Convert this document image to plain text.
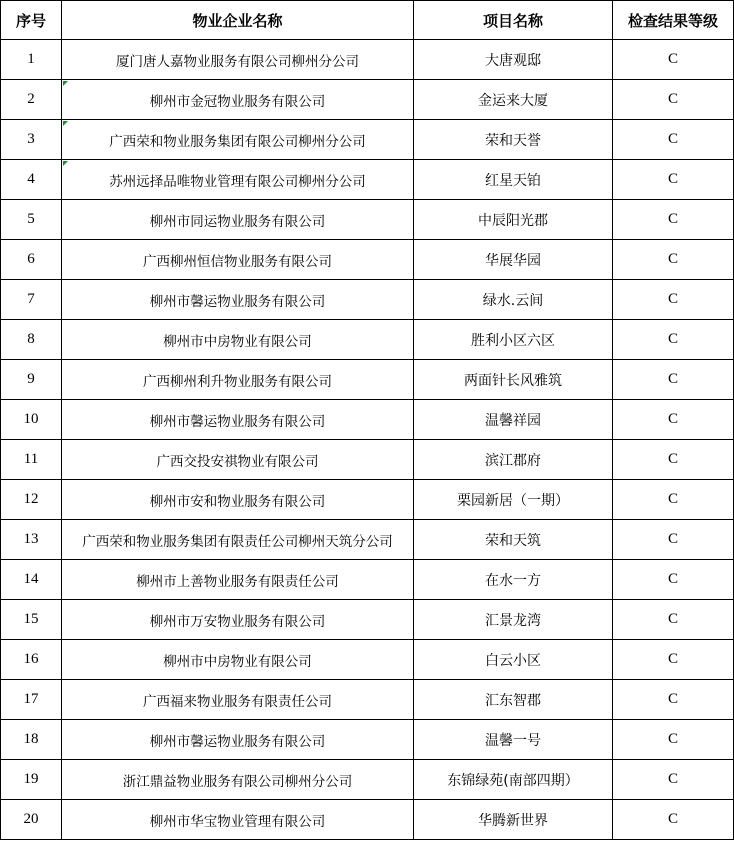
序号	物业企业名称	项目名称	检查结果等级
1	厦门唐人嘉物业服务有限公司柳州分公司	大唐观邸	C
2	柳州市金冠物业服务有限公司	金运来大厦	C
3	广西荣和物业服务集团有限公司柳州分公司	荣和天誉	C
4	苏州远择品唯物业管理有限公司柳州分公司	红星天铂	C
5	柳州市同运物业服务有限公司	中辰阳光郡	C
6	广西柳州恒信物业服务有限公司	华展华园	C
7	柳州市馨运物业服务有限公司	绿水.云间	C
8	柳州市中房物业有限公司	胜利小区六区	C
9	广西柳州利升物业服务有限公司	两面针长风雅筑	C
10	柳州市馨运物业服务有限公司	温馨祥园	C
11	广西交投安祺物业有限公司	滨江郡府	C
12	柳州市安和物业服务有限公司	栗园新居（一期）	C
13	广西荣和物业服务集团有限责任公司柳州天筑分公司	荣和天筑	C
14	柳州市上善物业服务有限责任公司	在水一方	C
15	柳州市万安物业服务有限公司	汇景龙湾	C
16	柳州市中房物业有限公司	白云小区	C
17	广西福来物业服务有限责任公司	汇东智郡	C
18	柳州市馨运物业服务有限公司	温馨一号	C
19	浙江鼎益物业服务有限公司柳州分公司	东锦绿苑(南部四期）	C
20	柳州市华宝物业管理有限公司	华腾新世界	C
